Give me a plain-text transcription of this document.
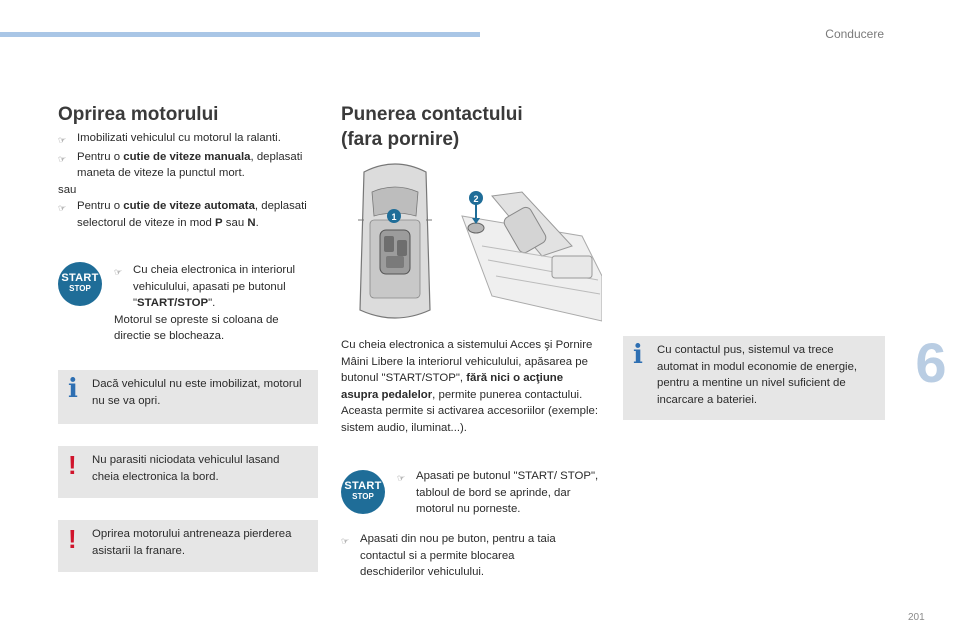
Conducere
6
201
Oprirea motorului
☞ Imobilizati vehiculul cu motorul la ralanti.
☞ Pentru o cutie de viteze manuala, deplasati maneta de viteze la punctul mort.
sau
☞ Pentru o cutie de viteze automata, deplasati selectorul de viteze in mod P sau N.
START
STOP
☞ Cu cheia electronica in interiorul vehiculului, apasati pe butonul "START/STOP".
Motorul se opreste si coloana de directie se blocheaza.
i Dacă vehiculul nu este imobilizat, motorul nu se va opri.
! Nu parasiti niciodata vehiculul lasand cheia electronica la bord.
! Oprirea motorului antreneaza pierderea asistarii la franare.
Punerea contactului
(fara pornire)
1
2
Cu cheia electronica a sistemului Acces şi Pornire Mâini Libere la interiorul vehiculului, apăsarea pe butonul "START/STOP", fără nici o acţiune asupra pedalelor, permite punerea contactului.
Aceasta permite si activarea accesoriilor (exemple: sistem audio, iluminat...).
START
STOP
☞ Apasati pe butonul "START/ STOP", tabloul de bord se aprinde, dar motorul nu porneste.
☞ Apasati din nou pe buton, pentru a taia contactul si a permite blocarea deschiderilor vehiculului.
i Cu contactul pus, sistemul va trece automat in modul economie de energie, pentru a mentine un nivel suficient de incarcare a bateriei.
